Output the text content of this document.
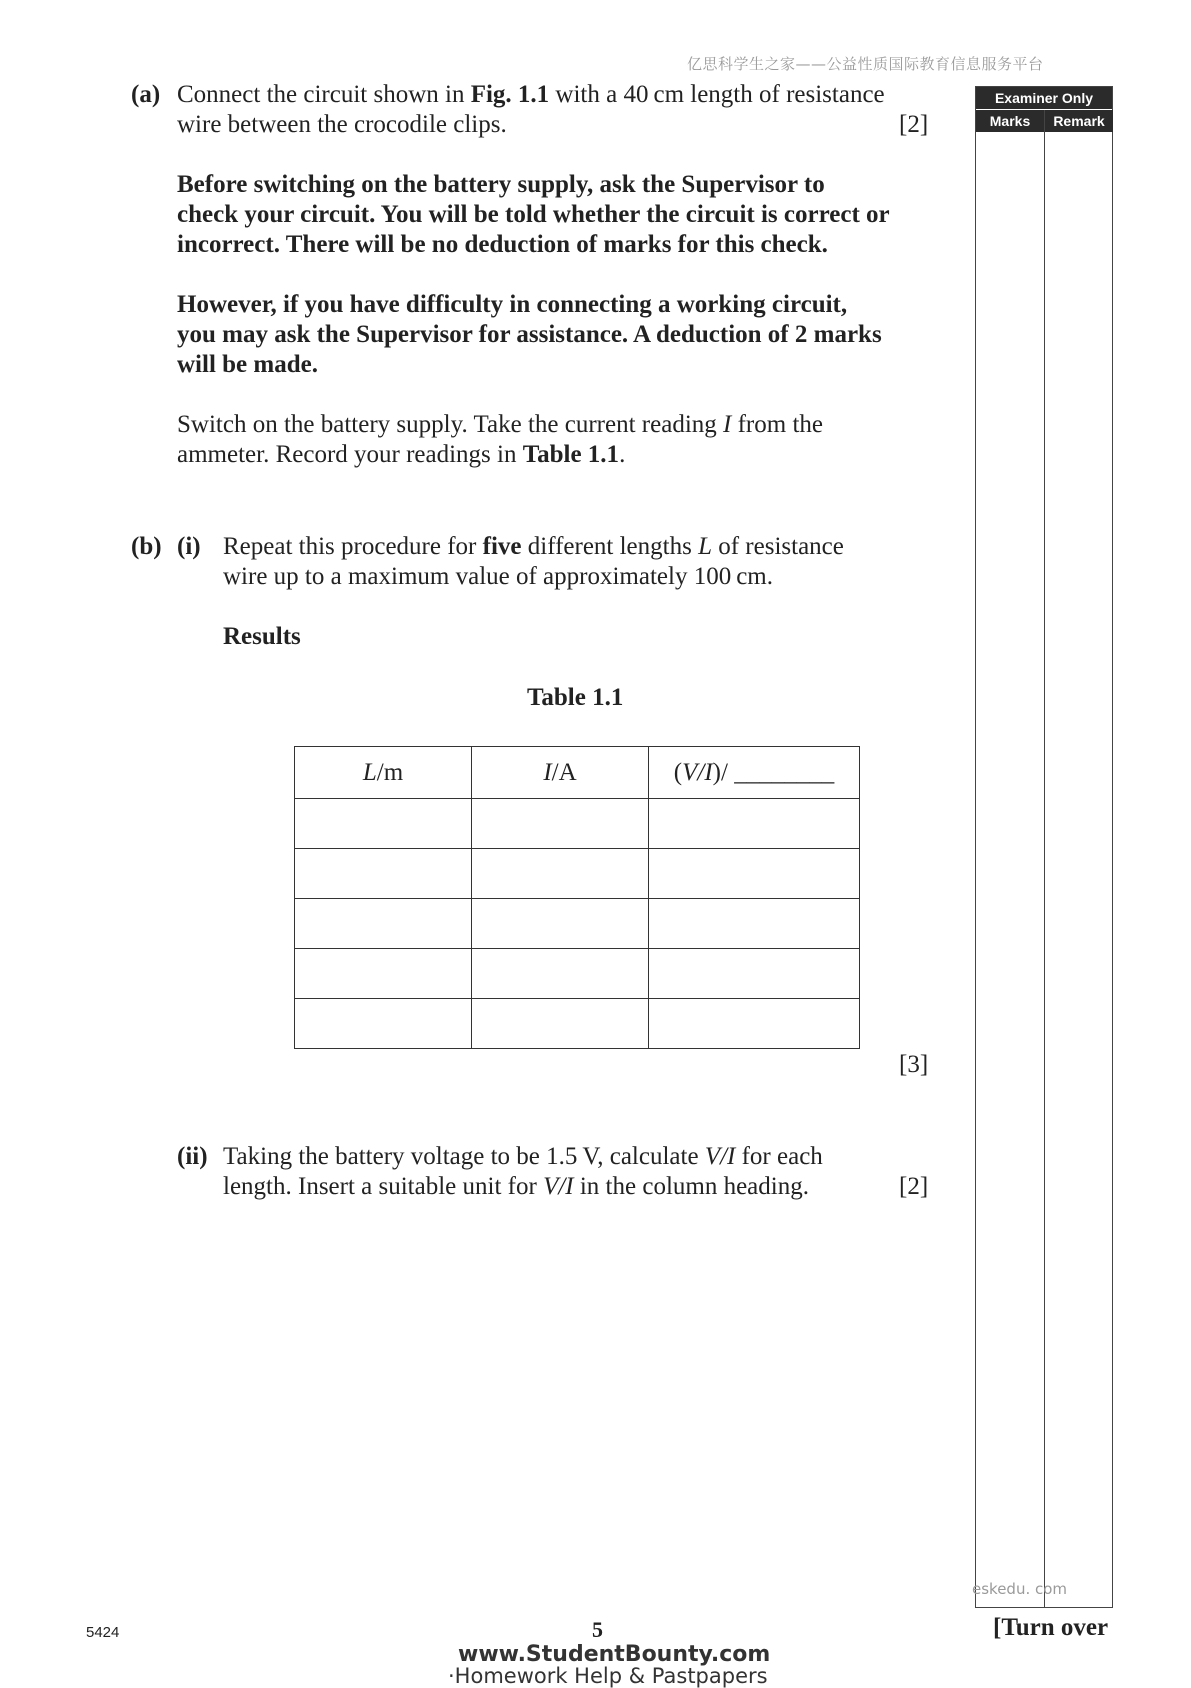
亿思科学生之家——公益性质国际教育信息服务平台
Examiner Only
Marks	Remark
(a) Connect the circuit shown in Fig. 1.1 with a 40 cm length of resistance
wire between the crocodile clips.	[2]
Before switching on the battery supply, ask the Supervisor to
check your circuit. You will be told whether the circuit is correct or
incorrect. There will be no deduction of marks for this check.
However, if you have difficulty in connecting a working circuit,
you may ask the Supervisor for assistance. A deduction of 2 marks
will be made.
Switch on the battery supply. Take the current reading I from the
ammeter. Record your readings in Table 1.1.
(b) (i) Repeat this procedure for five different lengths L of resistance
wire up to a maximum value of approximately 100 cm.
Results
Table 1.1
L/m	I/A	(V/I)/ ________

[3]
(ii) Taking the battery voltage to be 1.5 V, calculate V/I for each
length. Insert a suitable unit for V/I in the column heading.	[2]
eskedu. com
5424	5	[Turn over
www.StudentBounty.com
·Homework Help & Pastpapers
